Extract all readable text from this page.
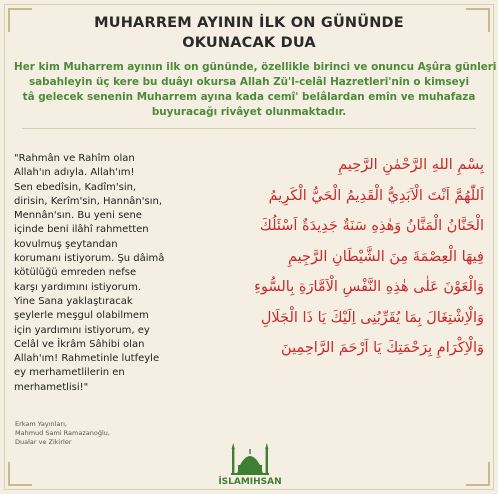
MUHARREM AYININ İLK ON GÜNÜNDE
OKUNACAK DUA
Her kim Muharrem ayının ilk on gününde, özellikle birinci ve onuncu Aşûra günleri
sabahleyin üç kere bu duâyı okursa Allah Zü'l-celâl Hazretleri'nin o kimseyi
tâ gelecek senenin Muharrem ayına kada cemî' belâlardan emîn ve muhafaza
buyuracağı rivâyet olunmaktadır.
"Rahmân ve Rahîm olan
Allah'ın adıyla. Allah'ım!
Sen ebedîsin, Kadîm'sin,
dirisin, Kerîm'sin, Hannân'sın,
Mennân'sın. Bu yeni sene
içinde beni ilâhî rahmetten
kovulmuş şeytandan
korumanı istiyorum. Şu dâimâ
kötülüğü emreden nefse
karşı yardımını istiyorum.
Yine Sana yaklaştıracak
şeylerle meşgul olabilmem
için yardımını istiyorum, ey
Celâl ve İkrâm Sâhibi olan
Allah'ım! Rahmetinle lutfeyle
ey merhametlilerin en
merhametlisi!"
Erkam Yayınları,
Mahmud Sami Ramazanoğlu,
Dualar ve Zikirler
بِسْمِ اللهِ الرَّحْمٰنِ الرَّحِيمِ
اَللّٰهُمَّ اَنْتَ الْاَبَدِيُّ الْقَدِيمُ الْحَيُّ الْكَرِيمُ
الْحَنَّانُ الْمَنَّانُ وَهٰذِهِ سَنَةٌ جَدِيدَةٌ اَسْئَلُكَ
فِيهَا الْعِصْمَةَ مِنَ الشَّيْطَانِ الرَّجِيمِ
وَالْعَوْنَ عَلٰى هٰذِهِ النَّفْسِ الْاَمَّارَةِ بِالسُّوءِ
وَالْاِشْتِغَالَ بِمَا يُقَرِّبُنِى اِلَيْكَ يَا ذَا الْجَلَالِ
وَالْاِكْرَامِ بِرَحْمَتِكَ يَا اَرْحَمَ الرَّاحِمِينَ
İSLAMIHSAN
